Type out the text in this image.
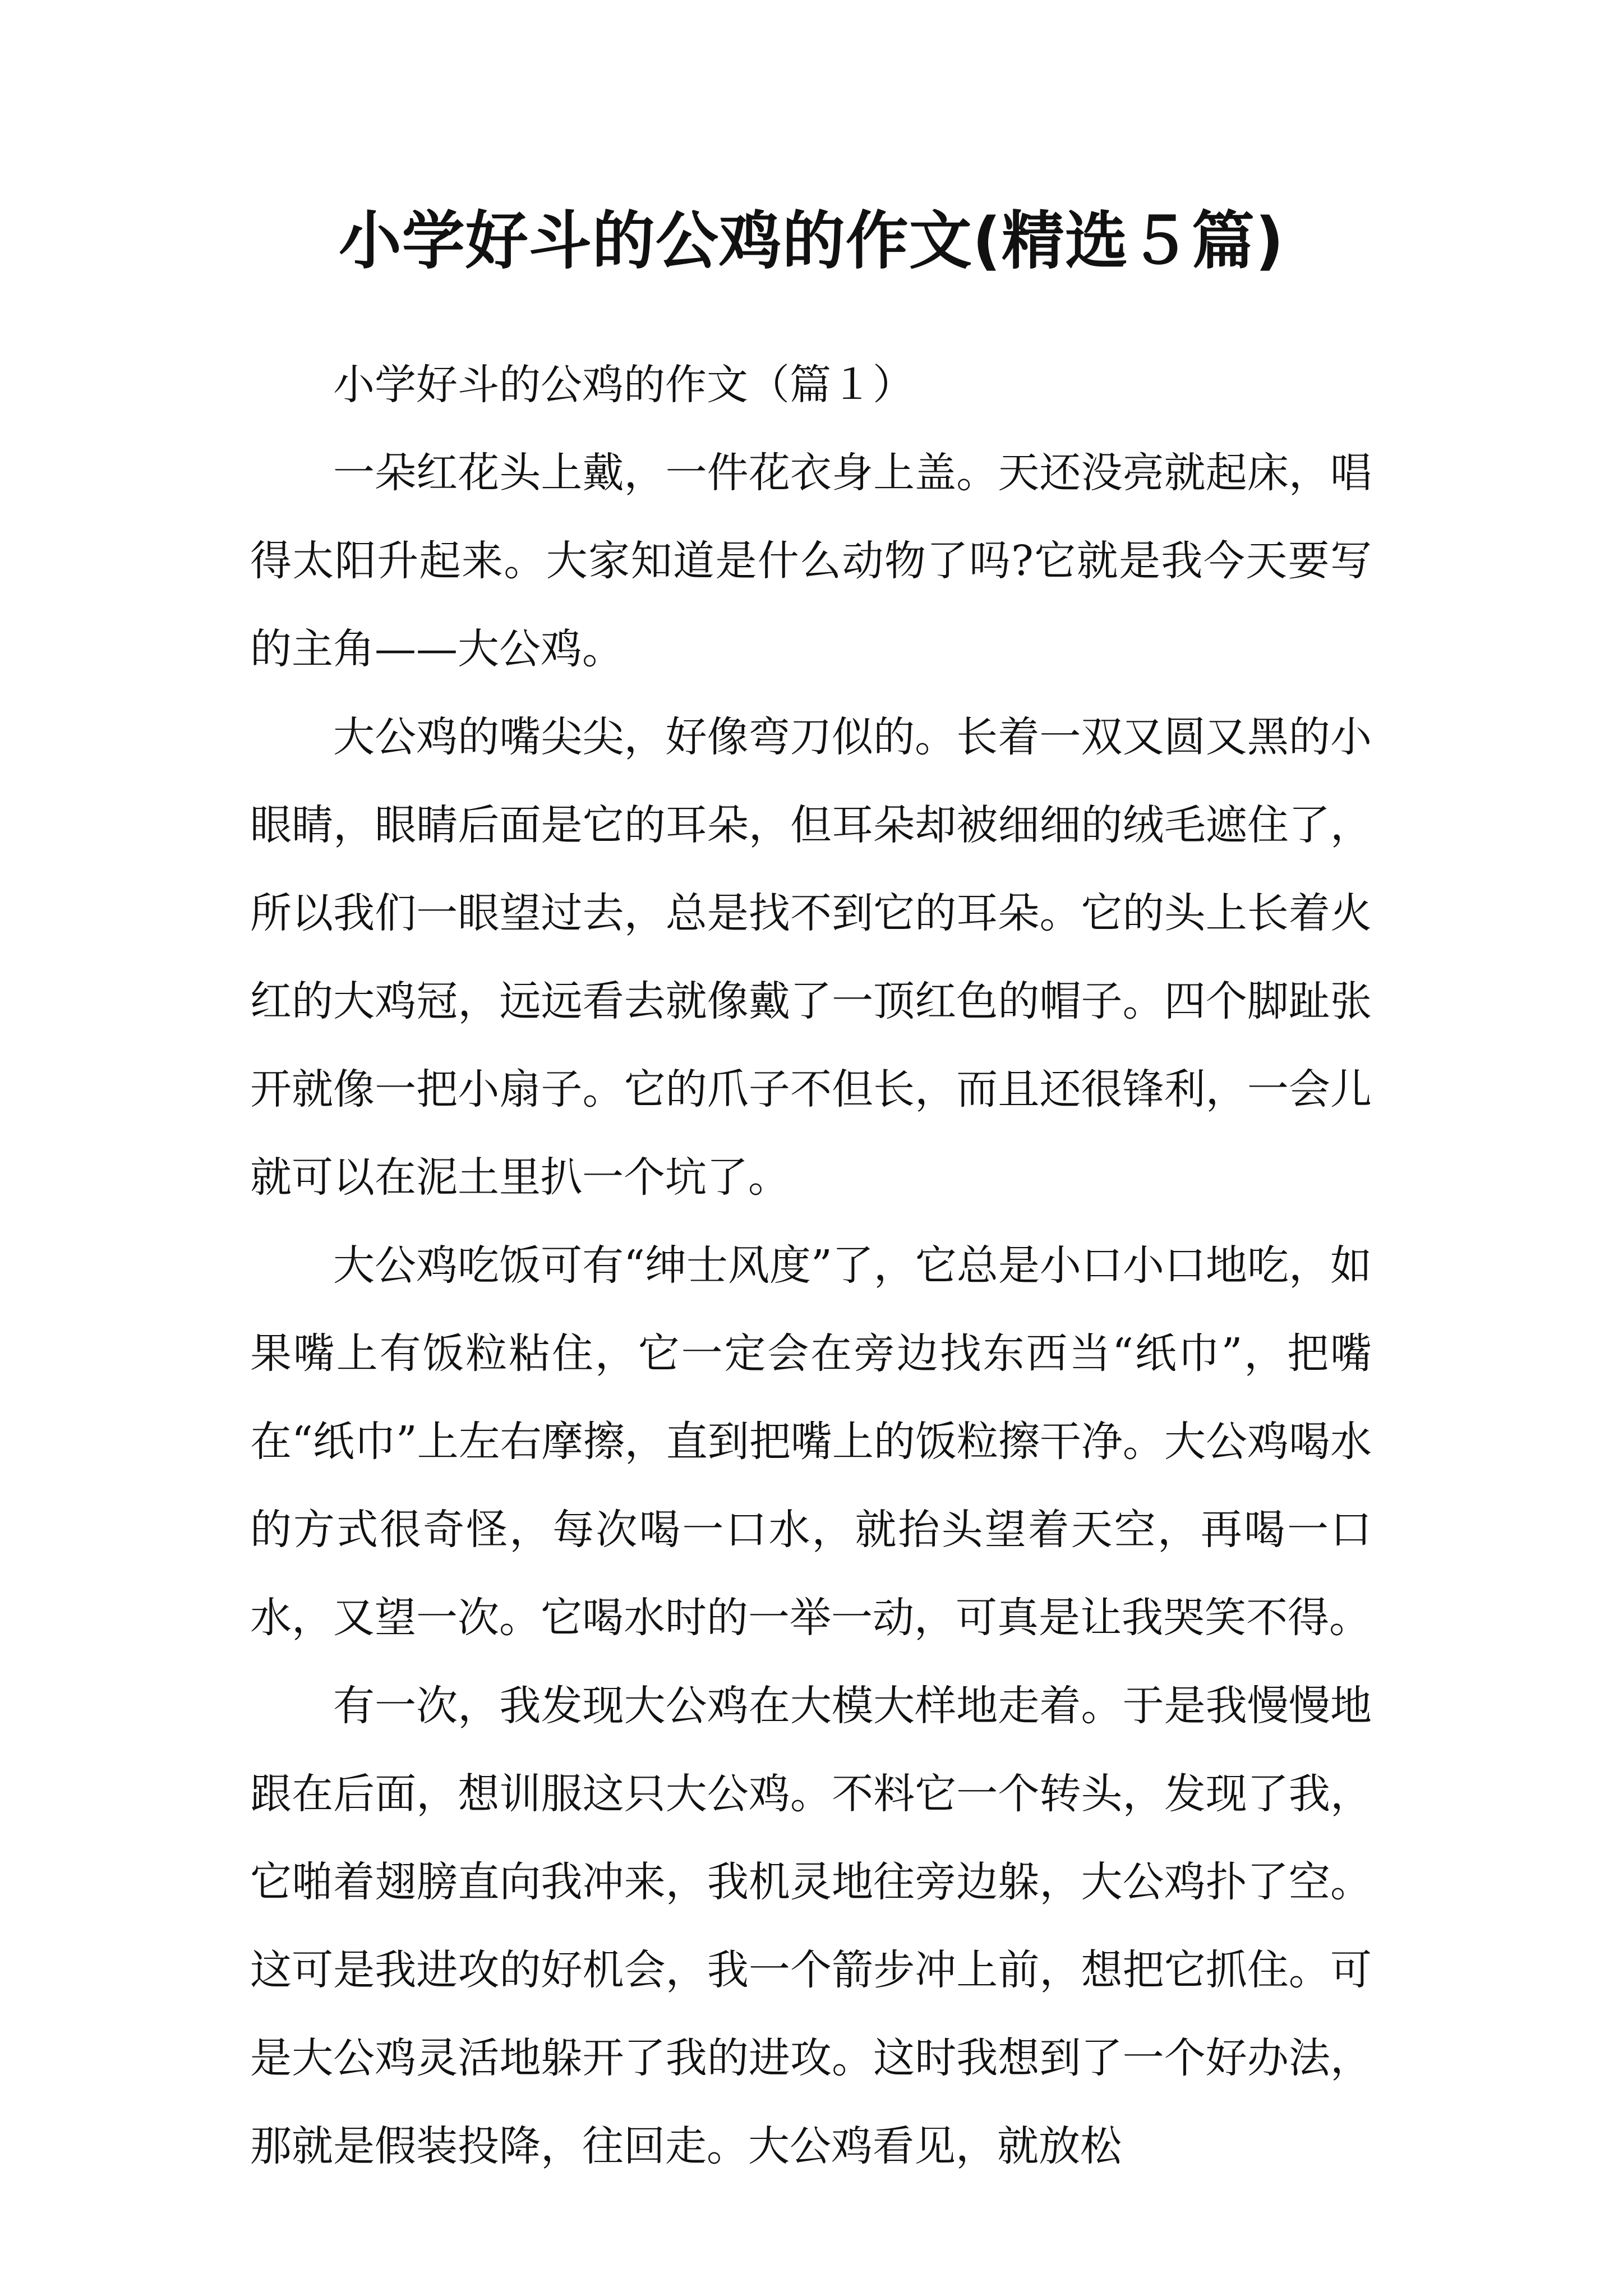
小学好斗的公鸡的作文(精选５篇)

小学好斗的公鸡的作文（篇１）

一朵红花头上戴，一件花衣身上盖。天还没亮就起床，唱得太阳升起来。大家知道是什么动物了吗?它就是我今天要写的主角——大公鸡。

大公鸡的嘴尖尖，好像弯刀似的。长着一双又圆又黑的小眼睛，眼睛后面是它的耳朵，但耳朵却被细细的绒毛遮住了，所以我们一眼望过去，总是找不到它的耳朵。它的头上长着火红的大鸡冠，远远看去就像戴了一顶红色的帽子。四个脚趾张开就像一把小扇子。它的爪子不但长，而且还很锋利，一会儿就可以在泥土里扒一个坑了。

大公鸡吃饭可有“绅士风度”了，它总是小口小口地吃，如果嘴上有饭粒粘住，它一定会在旁边找东西当“纸巾”，把嘴在“纸巾”上左右摩擦，直到把嘴上的饭粒擦干净。大公鸡喝水的方式很奇怪，每次喝一口水，就抬头望着天空，再喝一口水，又望一次。它喝水时的一举一动，可真是让我哭笑不得。

有一次，我发现大公鸡在大模大样地走着。于是我慢慢地跟在后面，想训服这只大公鸡。不料它一个转头，发现了我，它啪着翅膀直向我冲来，我机灵地往旁边躲，大公鸡扑了空。这可是我进攻的好机会，我一个箭步冲上前，想把它抓住。可是大公鸡灵活地躲开了我的进攻。这时我想到了一个好办法，那就是假装投降，往回走。大公鸡看见，就放松
